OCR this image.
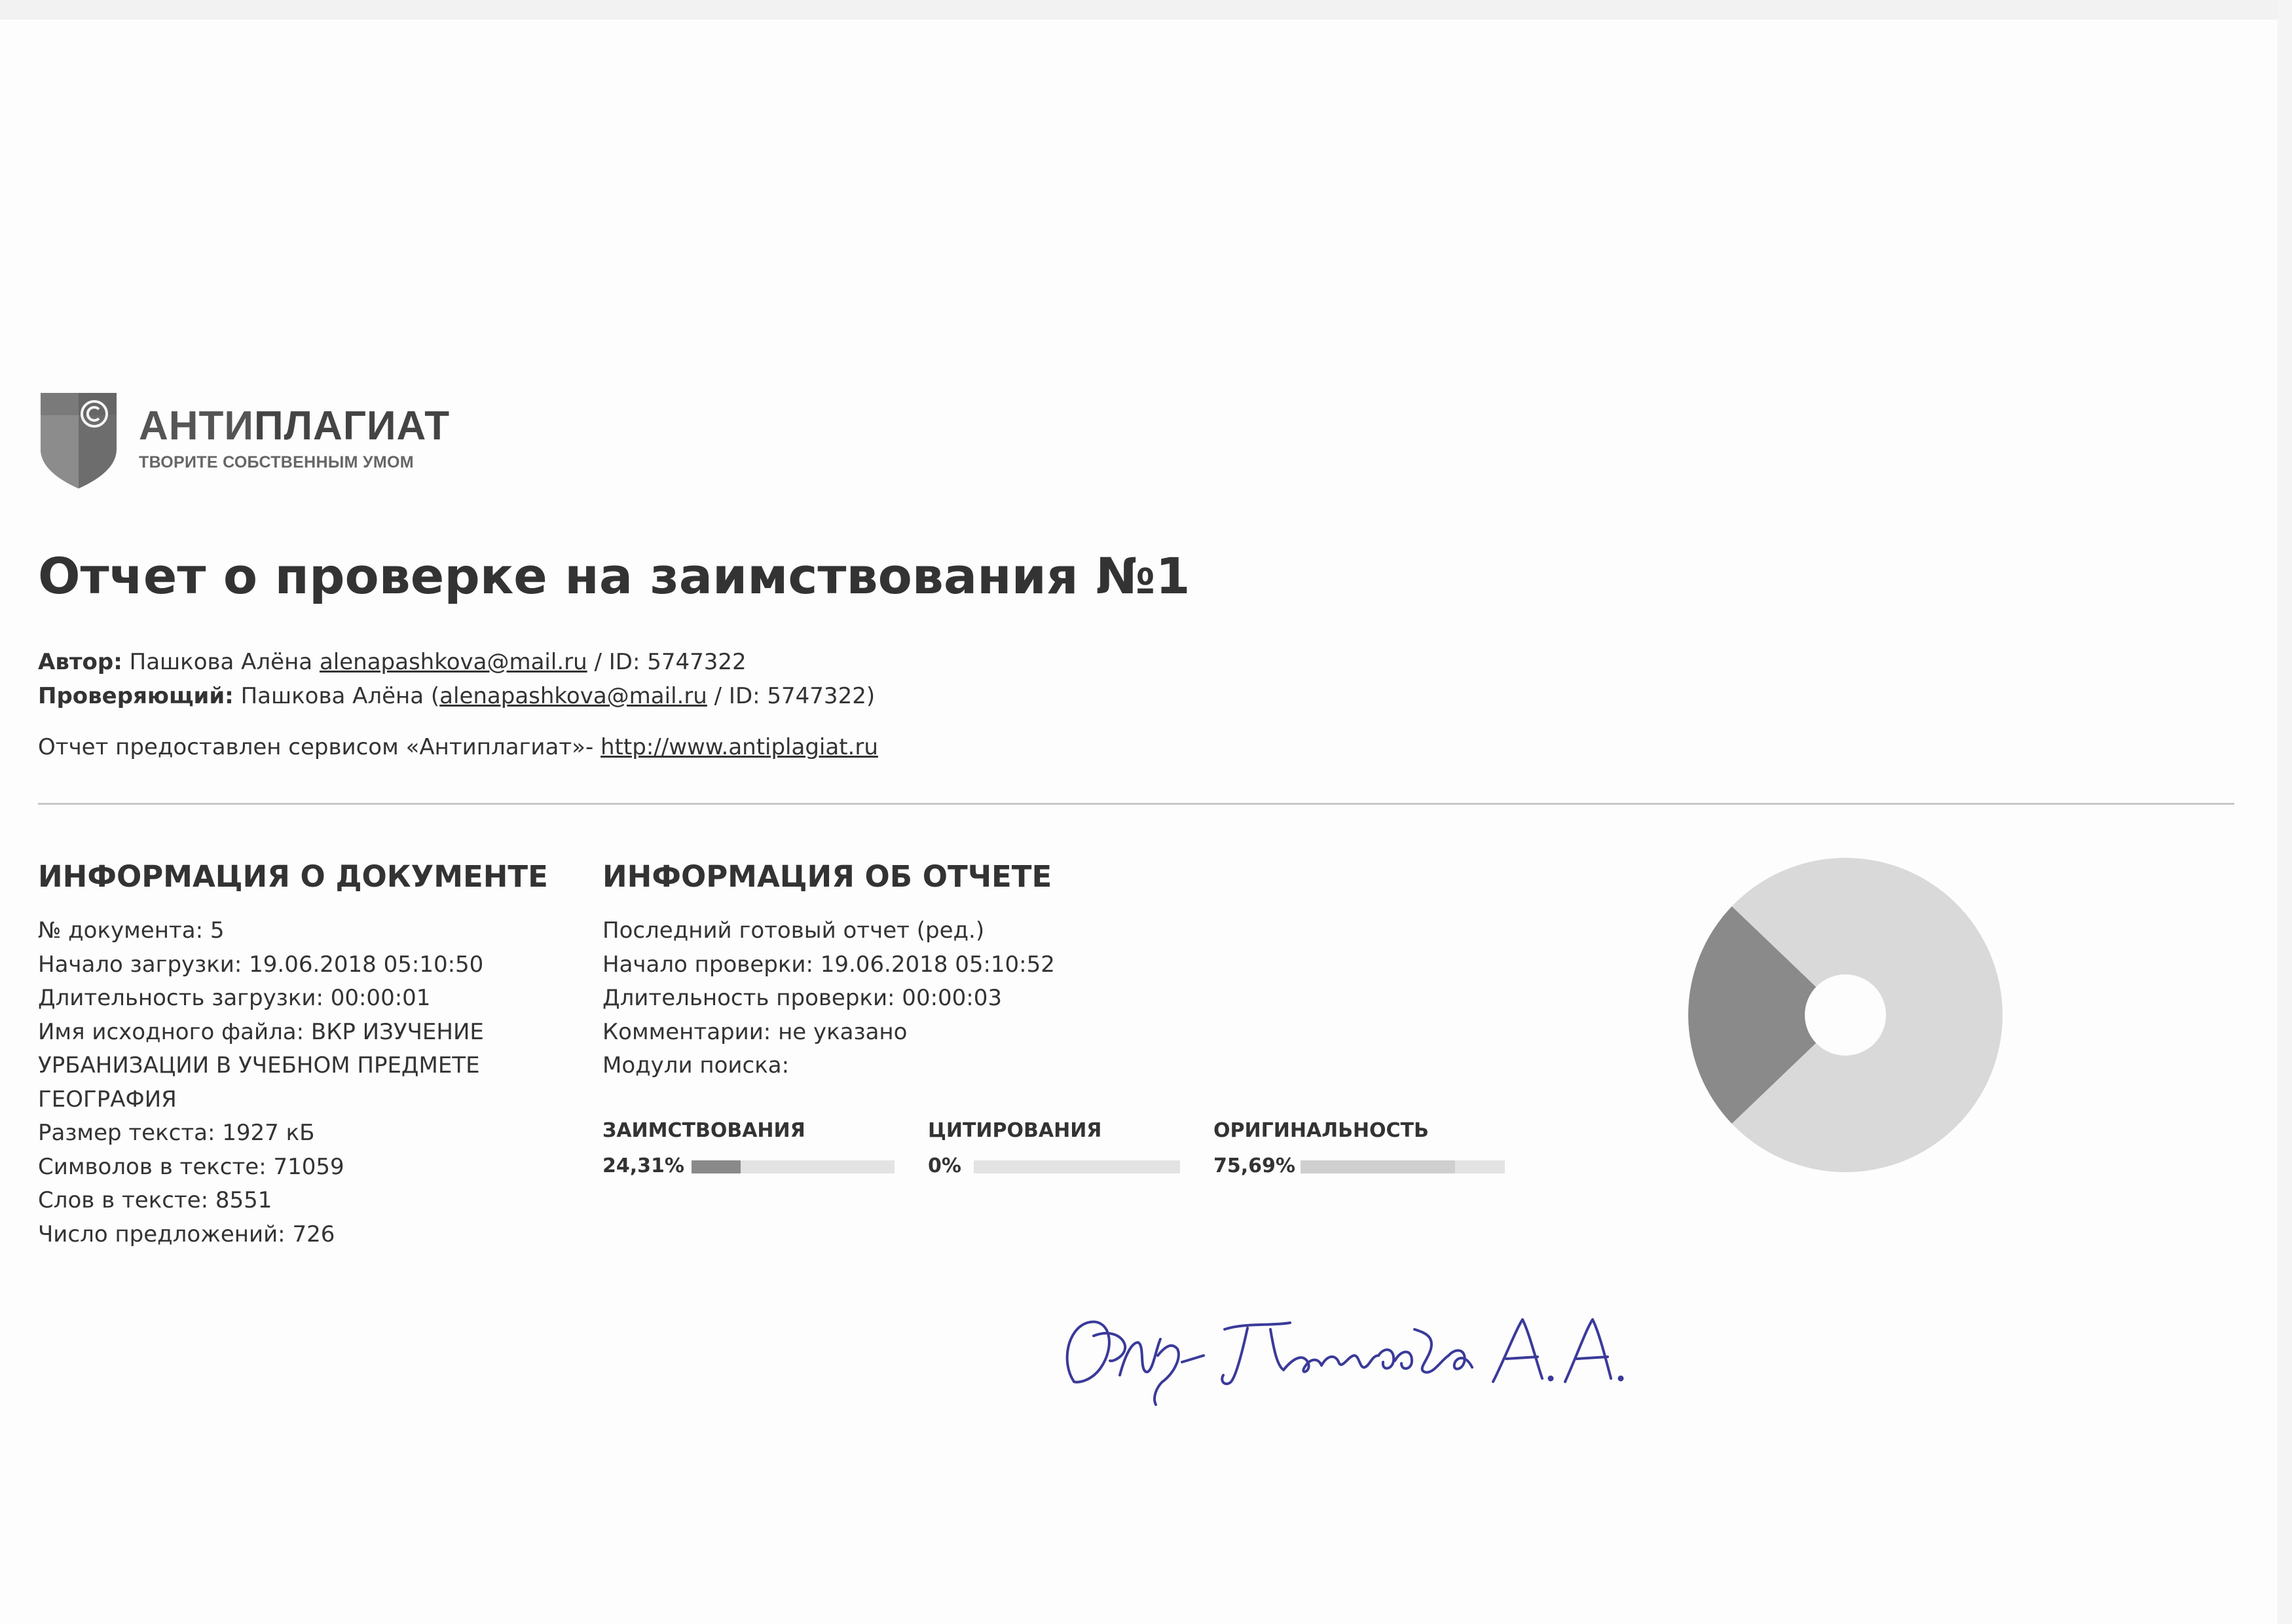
АНТИПЛАГИАТ
ТВОРИТЕ СОБСТВЕННЫМ УМОМ
Отчет о проверке на заимствования №1
Автор: Пашкова Алёна alenapashkova@mail.ru / ID: 5747322
Проверяющий: Пашкова Алёна (alenapashkova@mail.ru / ID: 5747322)
Отчет предоставлен сервисом «Антиплагиат»- http://www.antiplagiat.ru
ИНФОРМАЦИЯ О ДОКУМЕНТЕ
№ документа: 5
Начало загрузки: 19.06.2018 05:10:50
Длительность загрузки: 00:00:01
Имя исходного файла: ВКР ИЗУЧЕНИЕ УРБАНИЗАЦИИ В УЧЕБНОМ ПРЕДМЕТЕ ГЕОГРАФИЯ
Размер текста: 1927 кБ
Символов в тексте: 71059
Слов в тексте: 8551
Число предложений: 726
ИНФОРМАЦИЯ ОБ ОТЧЕТЕ
Последний готовый отчет (ред.)
Начало проверки: 19.06.2018 05:10:52
Длительность проверки: 00:00:03
Комментарии: не указано
Модули поиска:
ЗАИМСТВОВАНИЯ
24,31%
ЦИТИРОВАНИЯ
0%
ОРИГИНАЛЬНОСТЬ
75,69%
